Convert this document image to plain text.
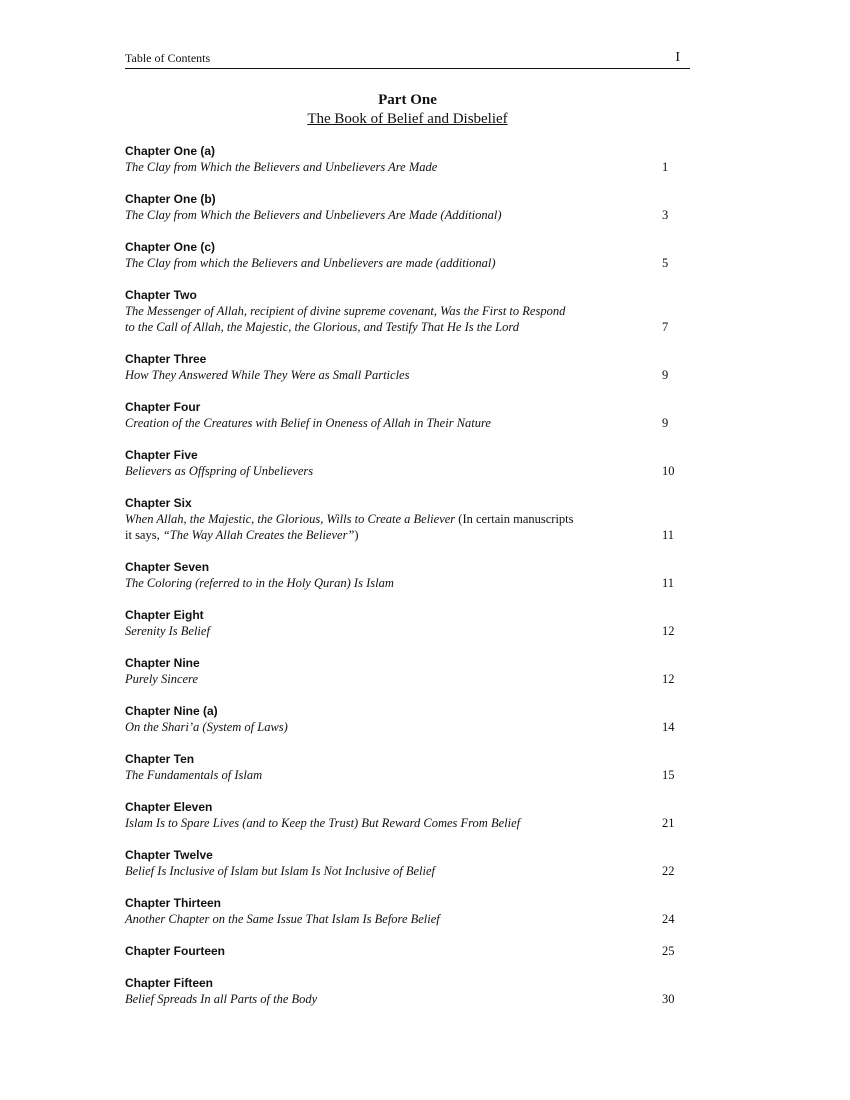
Table of Contents	I
Part One
The Book of Belief and Disbelief
Chapter One (a)
The Clay from Which the Believers and Unbelievers Are Made	1
Chapter One (b)
The Clay from Which the Believers and Unbelievers Are Made (Additional)	3
Chapter One (c)
The Clay from which the Believers and Unbelievers are made (additional)	5
Chapter Two
The Messenger of Allah, recipient of divine supreme covenant, Was the First to Respond
to the Call of Allah, the Majestic, the Glorious, and Testify That He Is the Lord	7
Chapter Three
How They Answered While They Were as Small Particles	9
Chapter Four
Creation of the Creatures with Belief in Oneness of Allah in Their Nature	9
Chapter Five
Believers as Offspring of Unbelievers	10
Chapter Six
When Allah, the Majestic, the Glorious, Wills to Create a Believer (In certain manuscripts
it says, “The Way Allah Creates the Believer”)	11
Chapter Seven
The Coloring (referred to in the Holy Quran) Is Islam	11
Chapter Eight
Serenity Is Belief	12
Chapter Nine
Purely Sincere	12
Chapter Nine (a)
On the Shari’a (System of Laws)	14
Chapter Ten
The Fundamentals of Islam	15
Chapter Eleven
Islam Is to Spare Lives (and to Keep the Trust) But Reward Comes From Belief	21
Chapter Twelve
Belief Is Inclusive of Islam but Islam Is Not Inclusive of Belief	22
Chapter Thirteen
Another Chapter on the Same Issue That Islam Is Before Belief	24
Chapter Fourteen	25
Chapter Fifteen
Belief Spreads In all Parts of the Body	30
